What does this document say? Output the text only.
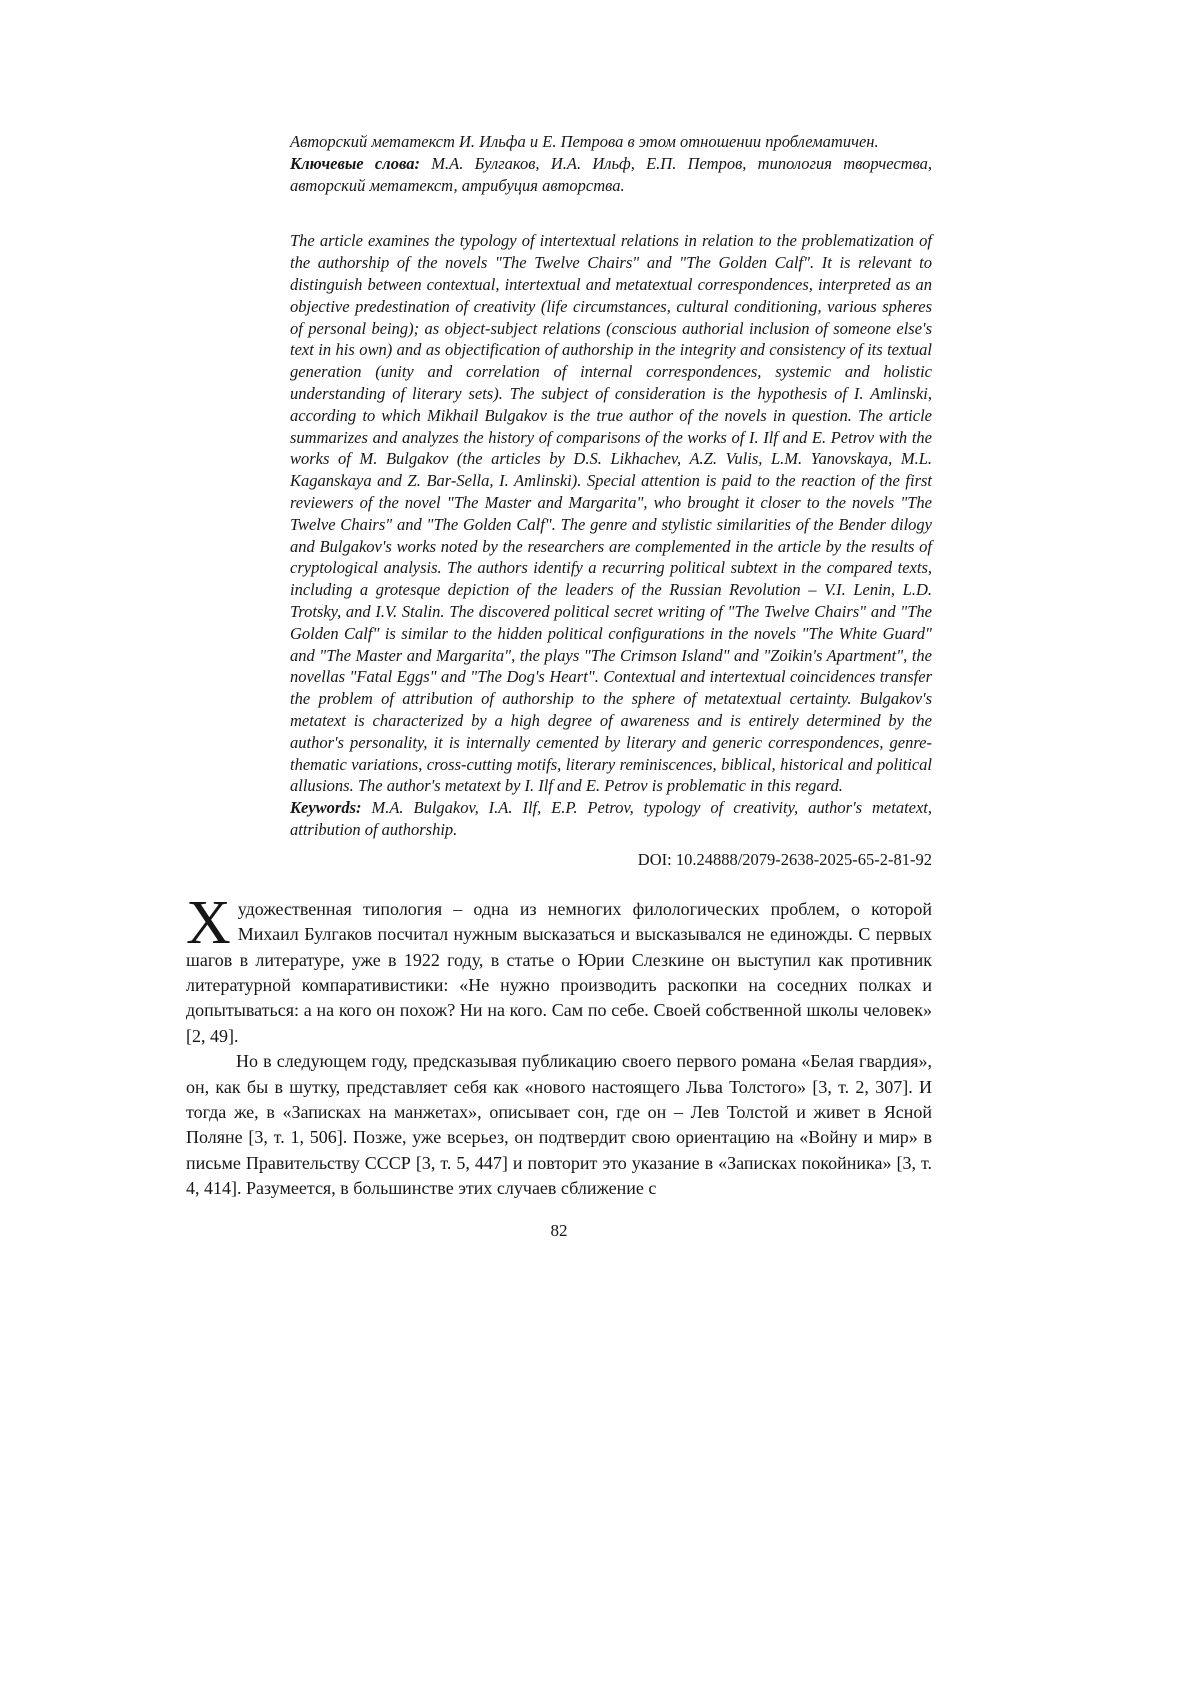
Авторский метатекст И. Ильфа и Е. Петрова в этом отношении проблематичен.

Ключевые слова: М.А. Булгаков, И.А. Ильф, Е.П. Петров, типология творчества, авторский метатекст, атрибуция авторства.

The article examines the typology of intertextual relations in relation to the problematization of the authorship of the novels "The Twelve Chairs" and "The Golden Calf". It is relevant to distinguish between contextual, intertextual and metatextual correspondences, interpreted as an objective predestination of creativity (life circumstances, cultural conditioning, various spheres of personal being); as object-subject relations (conscious authorial inclusion of someone else's text in his own) and as objectification of authorship in the integrity and consistency of its textual generation (unity and correlation of internal correspondences, systemic and holistic understanding of literary sets). The subject of consideration is the hypothesis of I. Amlinski, according to which Mikhail Bulgakov is the true author of the novels in question. The article summarizes and analyzes the history of comparisons of the works of I. Ilf and E. Petrov with the works of M. Bulgakov (the articles by D.S. Likhachev, A.Z. Vulis, L.M. Yanovskaya, M.L. Kaganskaya and Z. Bar-Sella, I. Amlinski). Special attention is paid to the reaction of the first reviewers of the novel "The Master and Margarita", who brought it closer to the novels "The Twelve Chairs" and "The Golden Calf". The genre and stylistic similarities of the Bender dilogy and Bulgakov's works noted by the researchers are complemented in the article by the results of cryptological analysis. The authors identify a recurring political subtext in the compared texts, including a grotesque depiction of the leaders of the Russian Revolution – V.I. Lenin, L.D. Trotsky, and I.V. Stalin. The discovered political secret writing of "The Twelve Chairs" and "The Golden Calf" is similar to the hidden political configurations in the novels "The White Guard" and "The Master and Margarita", the plays "The Crimson Island" and "Zoikin's Apartment", the novellas "Fatal Eggs" and "The Dog's Heart". Contextual and intertextual coincidences transfer the problem of attribution of authorship to the sphere of metatextual certainty. Bulgakov's metatext is characterized by a high degree of awareness and is entirely determined by the author's personality, it is internally cemented by literary and generic correspondences, genre-thematic variations, cross-cutting motifs, literary reminiscences, biblical, historical and political allusions. The author's metatext by I. Ilf and E. Petrov is problematic in this regard.

Keywords: M.A. Bulgakov, I.A. Ilf, E.P. Petrov, typology of creativity, author's metatext, attribution of authorship.

DOI: 10.24888/2079-2638-2025-65-2-81-92

Художественная типология – одна из немногих филологических проблем, о которой Михаил Булгаков посчитал нужным высказаться и высказывался не единожды. С первых шагов в литературе, уже в 1922 году, в статье о Юрии Слезкине он выступил как противник литературной компаративистики: «Не нужно производить раскопки на соседних полках и допытываться: а на кого он похож? Ни на кого. Сам по себе. Своей собственной школы человек» [2, 49].

Но в следующем году, предсказывая публикацию своего первого романа «Белая гвардия», он, как бы в шутку, представляет себя как «нового настоящего Льва Толстого» [3, т. 2, 307]. И тогда же, в «Записках на манжетах», описывает сон, где он – Лев Толстой и живет в Ясной Поляне [3, т. 1, 506]. Позже, уже всерьез, он подтвердит свою ориентацию на «Войну и мир» в письме Правительству СССР [3, т. 5, 447] и повторит это указание в «Записках покойника» [3, т. 4, 414]. Разумеется, в большинстве этих случаев сближение с

82
